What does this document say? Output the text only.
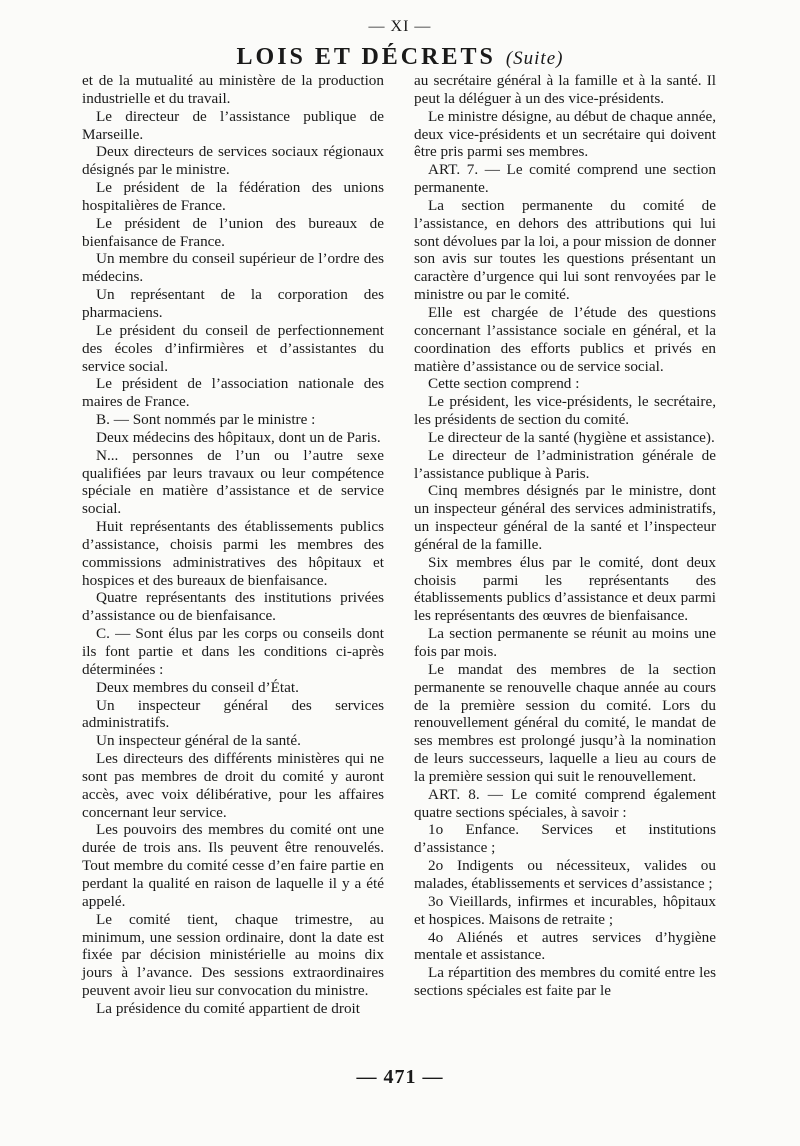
— XI —
LOIS ET DÉCRETS (Suite)

et de la mutualité au ministère de la production industrielle et du travail.

Le directeur de l’assistance publique de Marseille.

Deux directeurs de services sociaux régionaux désignés par le ministre.

Le président de la fédération des unions hospitalières de France.

Le président de l’union des bureaux de bienfaisance de France.

Un membre du conseil supérieur de l’ordre des médecins.

Un représentant de la corporation des pharmaciens.

Le président du conseil de perfectionnement des écoles d’infirmières et d’assistantes du service social.

Le président de l’association nationale des maires de France.

B. — Sont nommés par le ministre :

Deux médecins des hôpitaux, dont un de Paris.

N... personnes de l’un ou l’autre sexe qualifiées par leurs travaux ou leur compétence spéciale en matière d’assistance et de service social.

Huit représentants des établissements publics d’assistance, choisis parmi les membres des commissions administratives des hôpitaux et hospices et des bureaux de bienfaisance.

Quatre représentants des institutions privées d’assistance ou de bienfaisance.

C. — Sont élus par les corps ou conseils dont ils font partie et dans les conditions ci-après déterminées :

Deux membres du conseil d’État.

Un inspecteur général des services administratifs.

Un inspecteur général de la santé.

Les directeurs des différents ministères qui ne sont pas membres de droit du comité y auront accès, avec voix délibérative, pour les affaires concernant leur service.

Les pouvoirs des membres du comité ont une durée de trois ans. Ils peuvent être renouvelés. Tout membre du comité cesse d’en faire partie en perdant la qualité en raison de laquelle il y a été appelé.

Le comité tient, chaque trimestre, au minimum, une session ordinaire, dont la date est fixée par décision ministérielle au moins dix jours à l’avance. Des sessions extraordinaires peuvent avoir lieu sur convocation du ministre.

La présidence du comité appartient de droit

au secrétaire général à la famille et à la santé. Il peut la déléguer à un des vice-présidents.

Le ministre désigne, au début de chaque année, deux vice-présidents et un secrétaire qui doivent être pris parmi ses membres.

ART. 7. — Le comité comprend une section permanente.

La section permanente du comité de l’assistance, en dehors des attributions qui lui sont dévolues par la loi, a pour mission de donner son avis sur toutes les questions présentant un caractère d’urgence qui lui sont renvoyées par le ministre ou par le comité.

Elle est chargée de l’étude des questions concernant l’assistance sociale en général, et la coordination des efforts publics et privés en matière d’assistance ou de service social.

Cette section comprend :

Le président, les vice-présidents, le secrétaire, les présidents de section du comité.

Le directeur de la santé (hygiène et assistance).

Le directeur de l’administration générale de l’assistance publique à Paris.

Cinq membres désignés par le ministre, dont un inspecteur général des services administratifs, un inspecteur général de la santé et l’inspecteur général de la famille.

Six membres élus par le comité, dont deux choisis parmi les représentants des établissements publics d’assistance et deux parmi les représentants des œuvres de bienfaisance.

La section permanente se réunit au moins une fois par mois.

Le mandat des membres de la section permanente se renouvelle chaque année au cours de la première session du comité. Lors du renouvellement général du comité, le mandat de ses membres est prolongé jusqu’à la nomination de leurs successeurs, laquelle a lieu au cours de la première session qui suit le renouvellement.

ART. 8. — Le comité comprend également quatre sections spéciales, à savoir :

1o Enfance. Services et institutions d’assistance ;

2o Indigents ou nécessiteux, valides ou malades, établissements et services d’assistance ;

3o Vieillards, infirmes et incurables, hôpitaux et hospices. Maisons de retraite ;

4o Aliénés et autres services d’hygiène mentale et assistance.

La répartition des membres du comité entre les sections spéciales est faite par le

— 471 —
